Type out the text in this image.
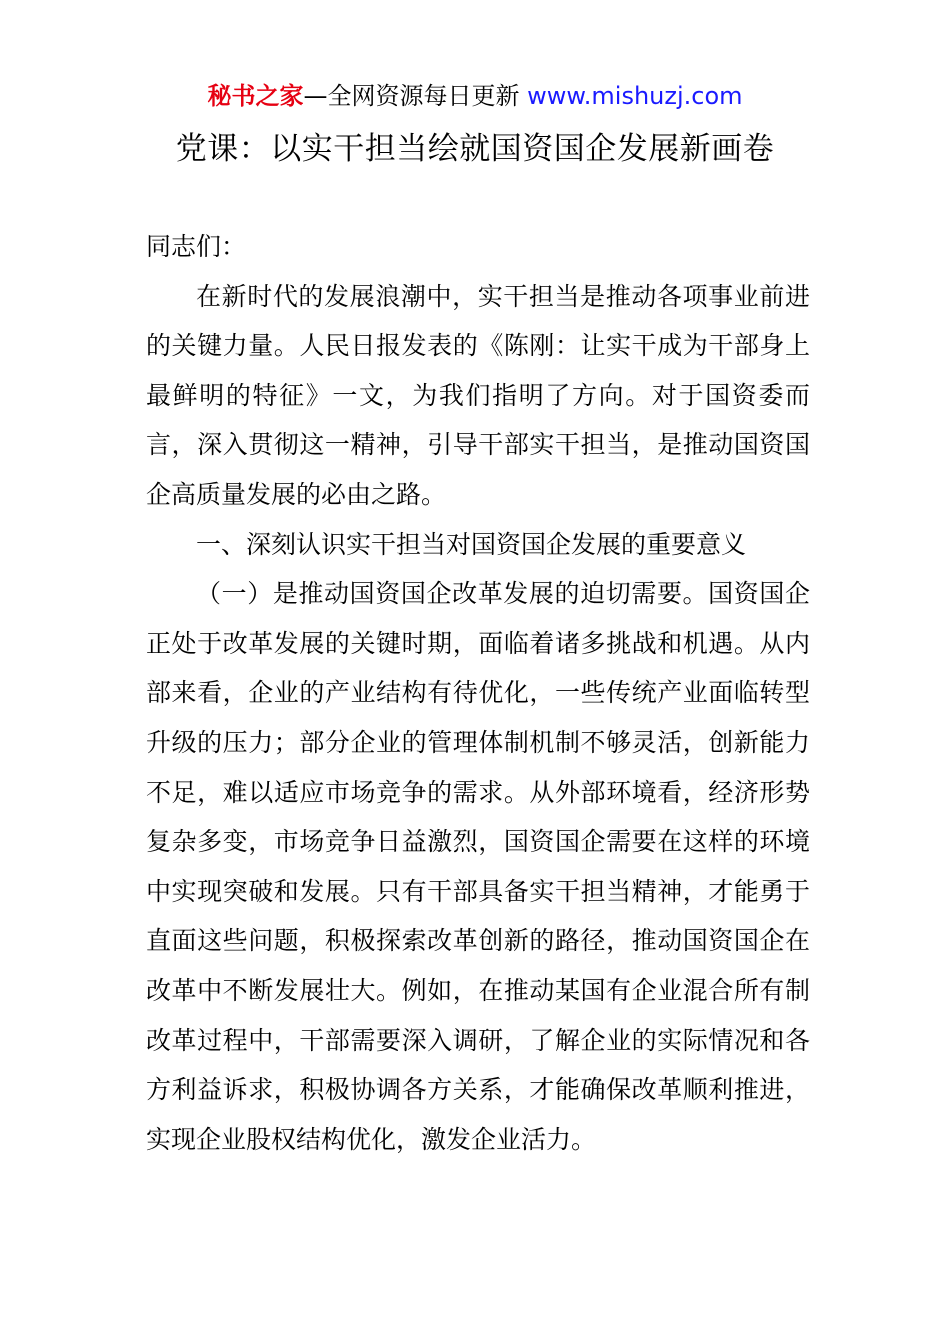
秘书之家—全网资源每日更新 www.mishuzj.com
党课：以实干担当绘就国资国企发展新画卷

同志们：

在新时代的发展浪潮中，实干担当是推动各项事业前进的关键力量。人民日报发表的《陈刚：让实干成为干部身上最鲜明的特征》一文，为我们指明了方向。对于国资委而言，深入贯彻这一精神，引导干部实干担当，是推动国资国企高质量发展的必由之路。

一、深刻认识实干担当对国资国企发展的重要意义

（一）是推动国资国企改革发展的迫切需要。国资国企正处于改革发展的关键时期，面临着诸多挑战和机遇。从内部来看，企业的产业结构有待优化，一些传统产业面临转型升级的压力；部分企业的管理体制机制不够灵活，创新能力不足，难以适应市场竞争的需求。从外部环境看，经济形势复杂多变，市场竞争日益激烈，国资国企需要在这样的环境中实现突破和发展。只有干部具备实干担当精神，才能勇于直面这些问题，积极探索改革创新的路径，推动国资国企在改革中不断发展壮大。例如，在推动某国有企业混合所有制改革过程中，干部需要深入调研，了解企业的实际情况和各方利益诉求，积极协调各方关系，才能确保改革顺利推进，实现企业股权结构优化，激发企业活力。
